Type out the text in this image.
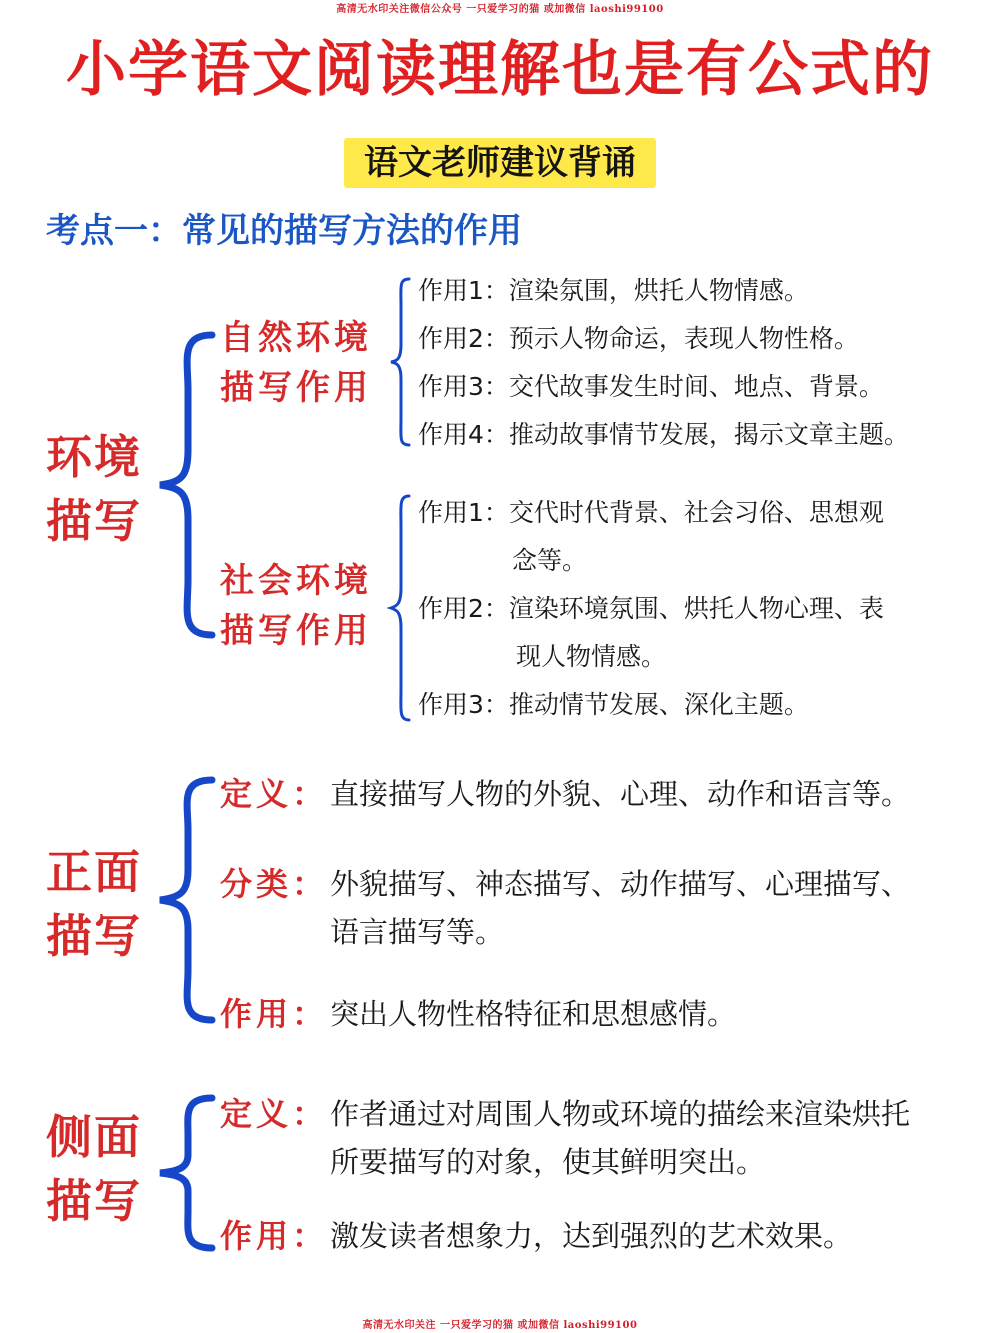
高清无水印关注微信公众号 一只爱学习的猫 或加微信 laoshi99100
小学语文阅读理解也是有公式的
语文老师建议背诵
考点一：常见的描写方法的作用
环境
描写
自然环境
描写作用
作用1：渲染氛围，烘托人物情感。
作用2：预示人物命运，表现人物性格。
作用3：交代故事发生时间、地点、背景。
作用4：推动故事情节发展，揭示文章主题。
社会环境
描写作用
作用1：交代时代背景、社会习俗、思想观
念等。
作用2：渲染环境氛围、烘托人物心理、表
现人物情感。
作用3：推动情节发展、深化主题。
正面
描写
定义： 直接描写人物的外貌、心理、动作和语言等。
分类： 外貌描写、神态描写、动作描写、心理描写、
语言描写等。
作用： 突出人物性格特征和思想感情。
侧面
描写
定义： 作者通过对周围人物或环境的描绘来渲染烘托
所要描写的对象，使其鲜明突出。
作用： 激发读者想象力，达到强烈的艺术效果。
高清无水印关注 一只爱学习的猫 或加微信 laoshi99100
